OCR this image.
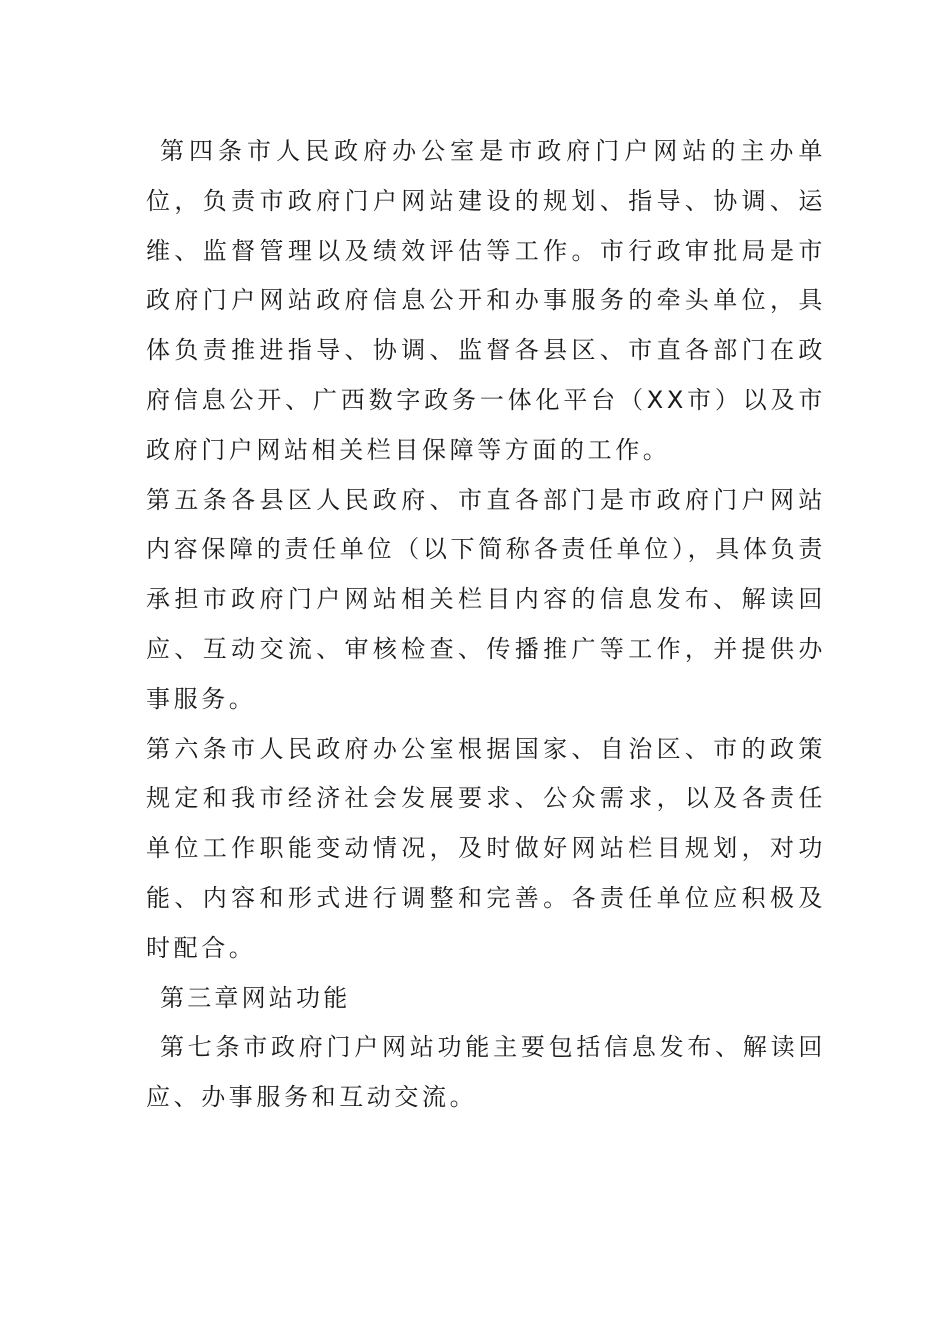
第四条市人民政府办公室是市政府门户网站的主办单位，负责市政府门户网站建设的规划、指导、协调、运维、监督管理以及绩效评估等工作。市行政审批局是市政府门户网站政府信息公开和办事服务的牵头单位，具体负责推进指导、协调、监督各县区、市直各部门在政府信息公开、广西数字政务一体化平台（XX市）以及市政府门户网站相关栏目保障等方面的工作。

第五条各县区人民政府、市直各部门是市政府门户网站内容保障的责任单位（以下简称各责任单位），具体负责承担市政府门户网站相关栏目内容的信息发布、解读回应、互动交流、审核检查、传播推广等工作，并提供办事服务。

第六条市人民政府办公室根据国家、自治区、市的政策规定和我市经济社会发展要求、公众需求，以及各责任单位工作职能变动情况，及时做好网站栏目规划，对功能、内容和形式进行调整和完善。各责任单位应积极及时配合。

第三章网站功能

第七条市政府门户网站功能主要包括信息发布、解读回应、办事服务和互动交流。
